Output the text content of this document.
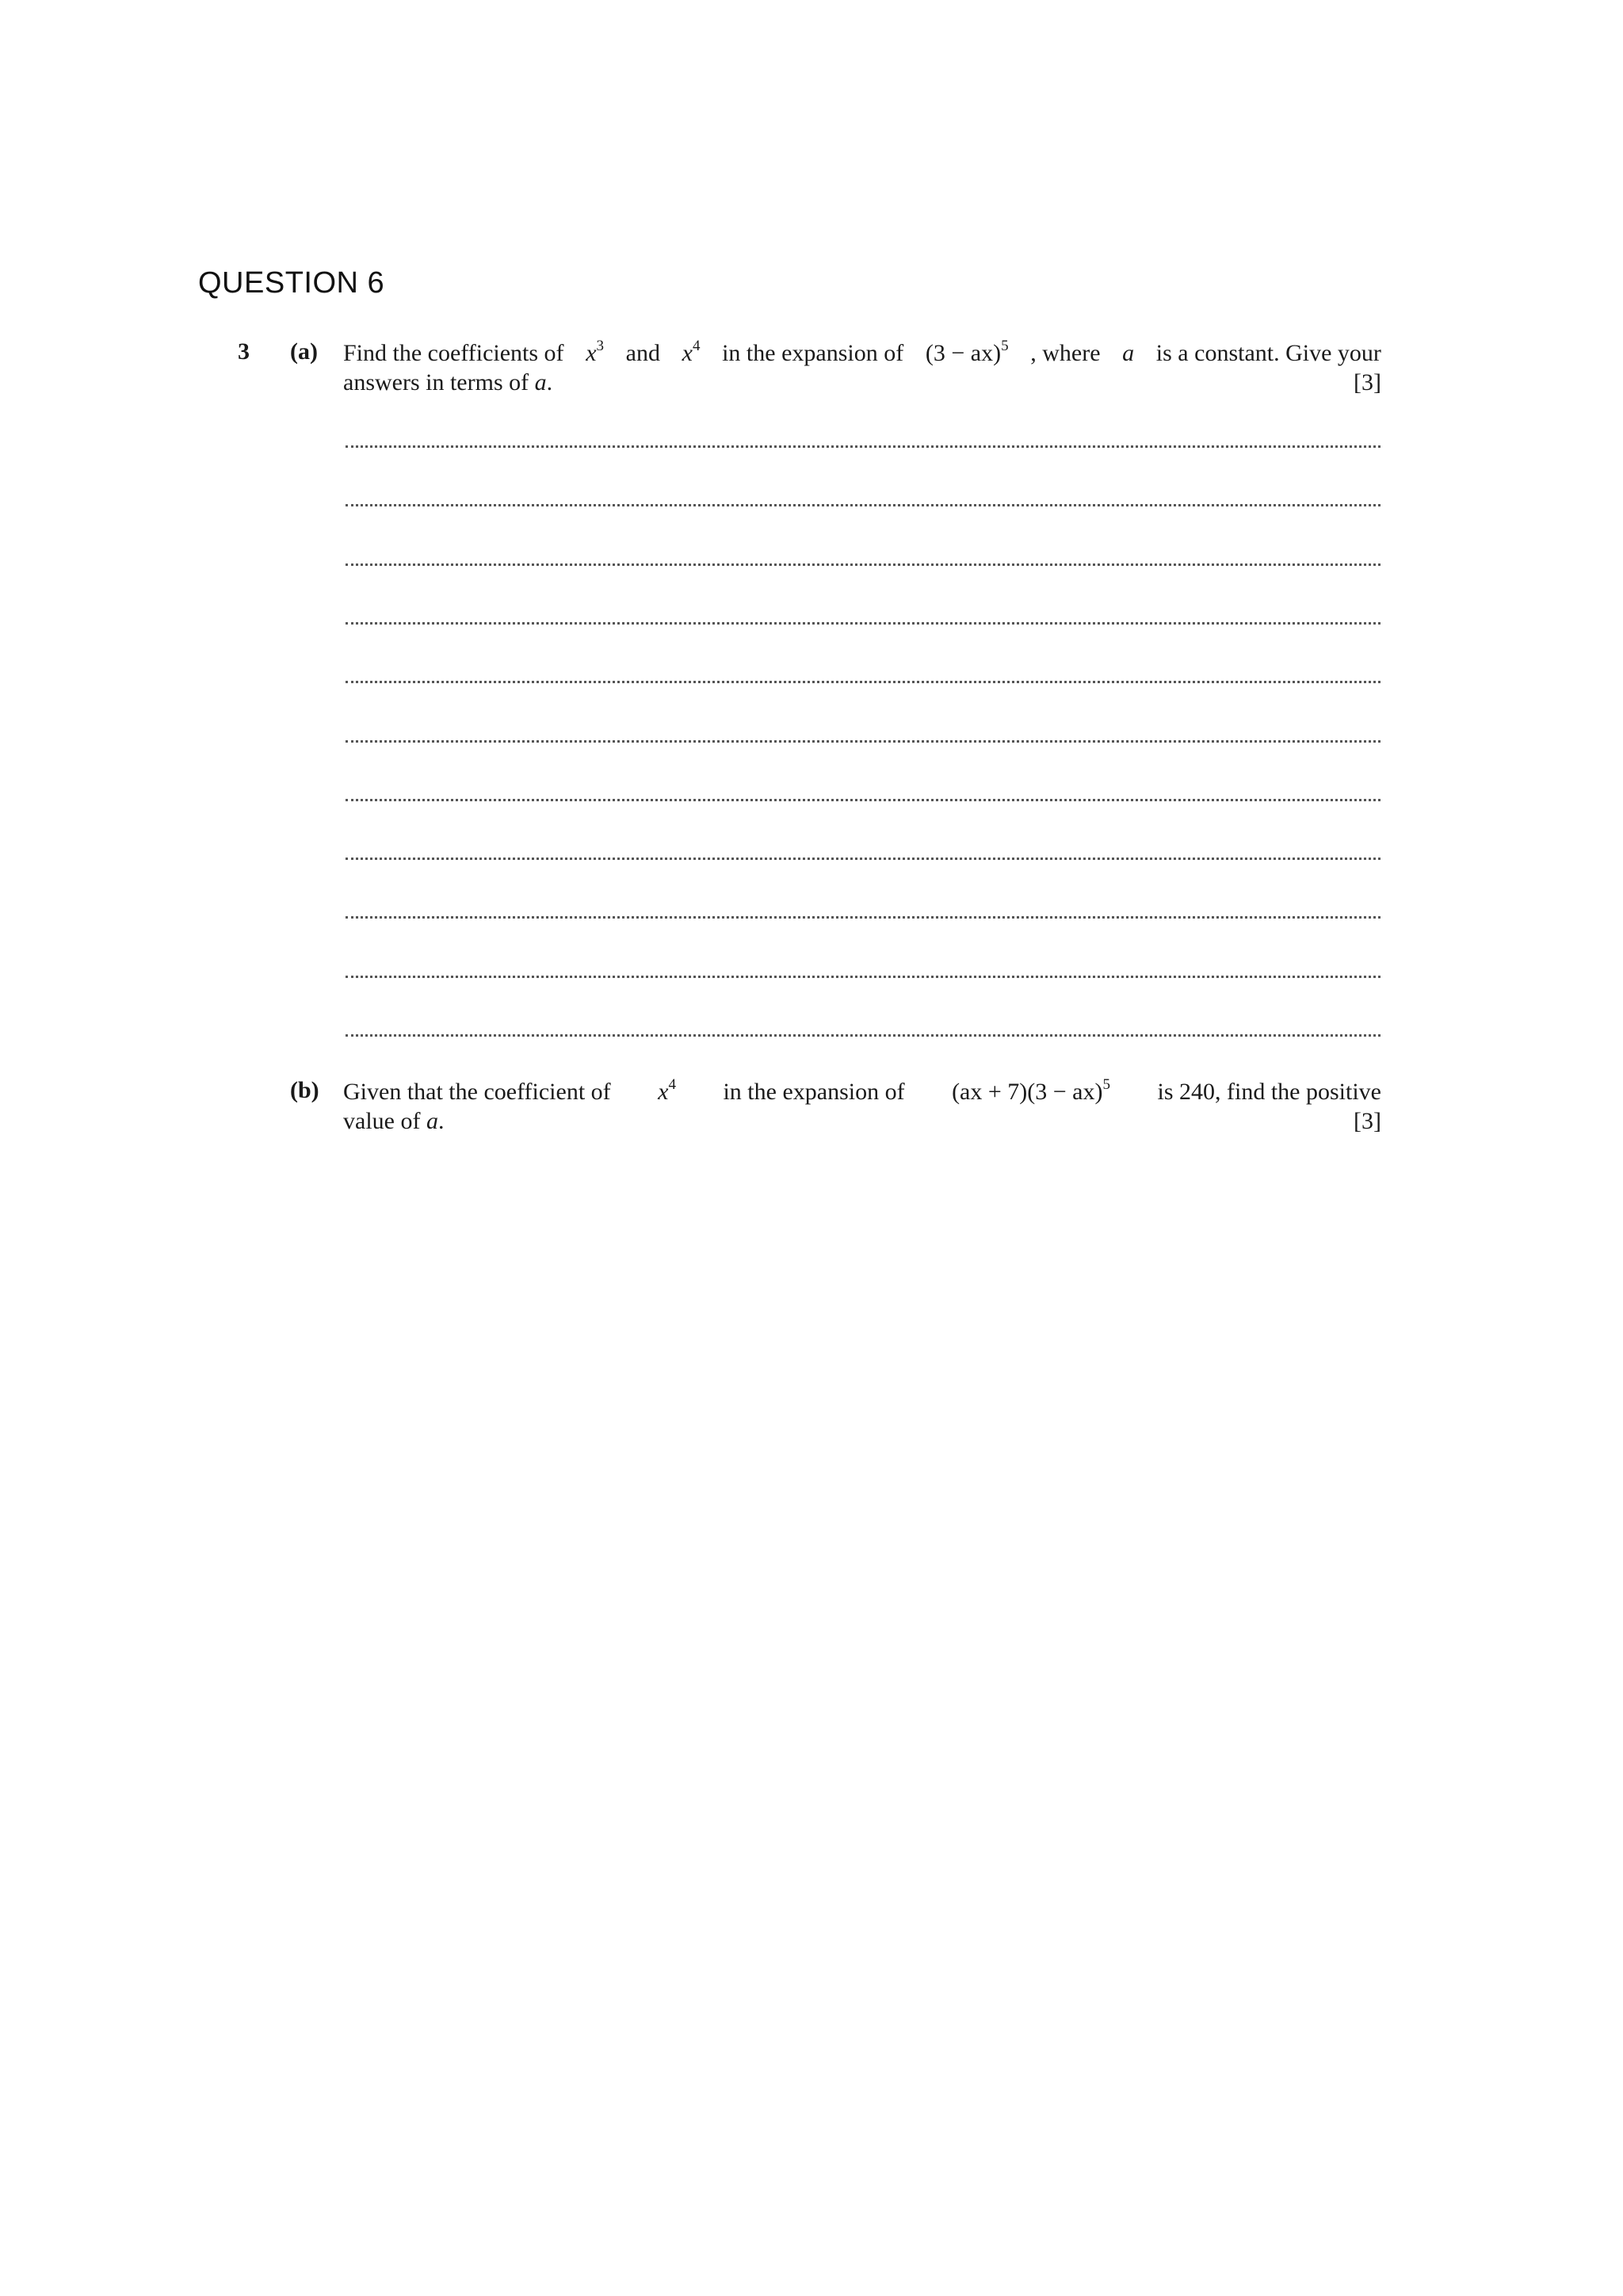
QUESTION 6
3 (a) Find the coefficients of $x^3$ and $x^4$ in the expansion of (3 − ax)$^5$ , where a is a constant. Give your
answers in terms of a.	[3]
(b) Given that the coefficient of $x^4$ in the expansion of (ax + 7)(3 − ax)$^5$ is 240, find the positive
value of a.	[3]
